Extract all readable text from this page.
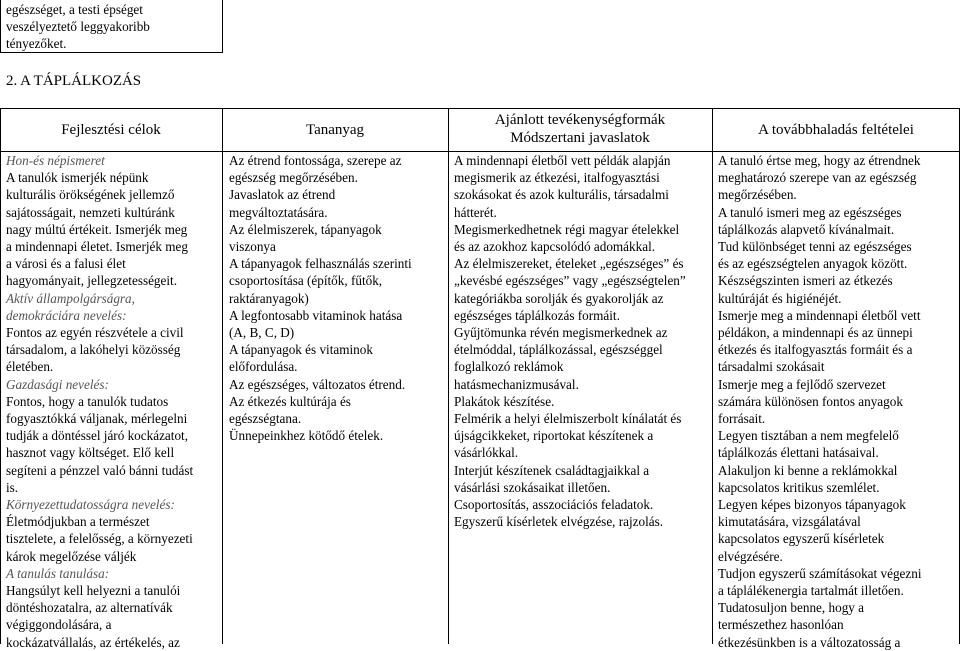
egészséget, a testi épséget
veszélyeztető leggyakoribb
tényezőket.
2. A TÁPLÁLKOZÁS
Fejlesztési célok	Tananyag
Ajánlott tevékenységformák
Módszertani javaslatok	A továbbhaladás feltételei
Hon-és népismeret
A tanulók ismerjék népünk
kulturális örökségének jellemző
sajátosságait, nemzeti kultúránk
nagy múltú értékeit. Ismerjék meg
a mindennapi életet. Ismerjék meg
a városi és a falusi élet
hagyományait, jellegzetességeit.
Aktív állampolgárságra,
demokráciára nevelés:
Fontos az egyén részvétele a civil
társadalom, a lakóhelyi közösség
életében.
Gazdasági nevelés:
Fontos, hogy a tanulók tudatos
fogyasztókká váljanak, mérlegelni
tudják a döntéssel járó kockázatot,
hasznot vagy költséget. Elő kell
segíteni a pénzzel való bánni tudást
is.
Környezettudatosságra nevelés:
Életmódjukban a természet
tisztelete, a felelősség, a környezeti
károk megelőzése váljék
A tanulás tanulása:
Hangsúlyt kell helyezni a tanulói
döntéshozatalra, az alternatívák
végiggondolására, a
kockázatvállalás, az értékelés, az
Az étrend fontossága, szerepe az
egészség megőrzésében.
Javaslatok az étrend
megváltoztatására.
Az élelmiszerek, tápanyagok
viszonya
A tápanyagok felhasználás szerinti
csoportosítása (építők, fűtők,
raktáranyagok)
A legfontosabb vitaminok hatása
(A, B, C, D)
A tápanyagok és vitaminok
előfordulása.
Az egészséges, változatos étrend.
Az étkezés kultúrája és
egészségtana.
Ünnepeinkhez kötődő ételek.
A mindennapi életből vett példák alapján
megismerik az étkezési, italfogyasztási
szokásokat és azok kulturális, társadalmi
hátterét.
Megismerkedhetnek régi magyar ételekkel
és az azokhoz kapcsolódó adomákkal.
Az élelmiszereket, ételeket „egészséges” és
„kevésbé egészséges” vagy „egészségtelen”
kategóriákba sorolják és gyakorolják az
egészséges táplálkozás formáit.
Gyűjtömunka révén megismerkednek az
ételmóddal, táplálkozással, egészséggel
foglalkozó reklámok
hatásmechanizmusával.
Plakátok készítése.
Felmérik a helyi élelmiszerbolt kínálatát és
újságcikkeket, riportokat készítenek a
vásárlókkal.
Interjút készítenek családtagjaikkal a
vásárlási szokásaikat illetően.
Csoportosítás, asszociációs feladatok.
Egyszerű kísérletek elvégzése, rajzolás.
A tanuló értse meg, hogy az étrendnek
meghatározó szerepe van az egészség
megőrzésében.
A tanuló ismeri meg az egészséges
táplálkozás alapvető kívánalmait.
Tud különbséget tenni az egészséges
és az egészségtelen anyagok között.
Készségszinten ismeri az étkezés
kultúráját és higiénéjét.
Ismerje meg a mindennapi életből vett
példákon, a mindennapi és az ünnepi
étkezés és italfogyasztás formáit és a
társadalmi szokásait
Ismerje meg a fejlődő szervezet
számára különösen fontos anyagok
forrásait.
Legyen tisztában a nem megfelelő
táplálkozás élettani hatásaival.
Alakuljon ki benne a reklámokkal
kapcsolatos kritikus szemlélet.
Legyen képes bizonyos tápanyagok
kimutatására, vizsgálatával
kapcsolatos egyszerű kísérletek
elvégzésére.
Tudjon egyszerű számításokat végezni
a táplálékenergia tartalmát illetően.
Tudatosuljon benne, hogy a
természethez hasonlóan
étkezésünkben is a változatosság a
